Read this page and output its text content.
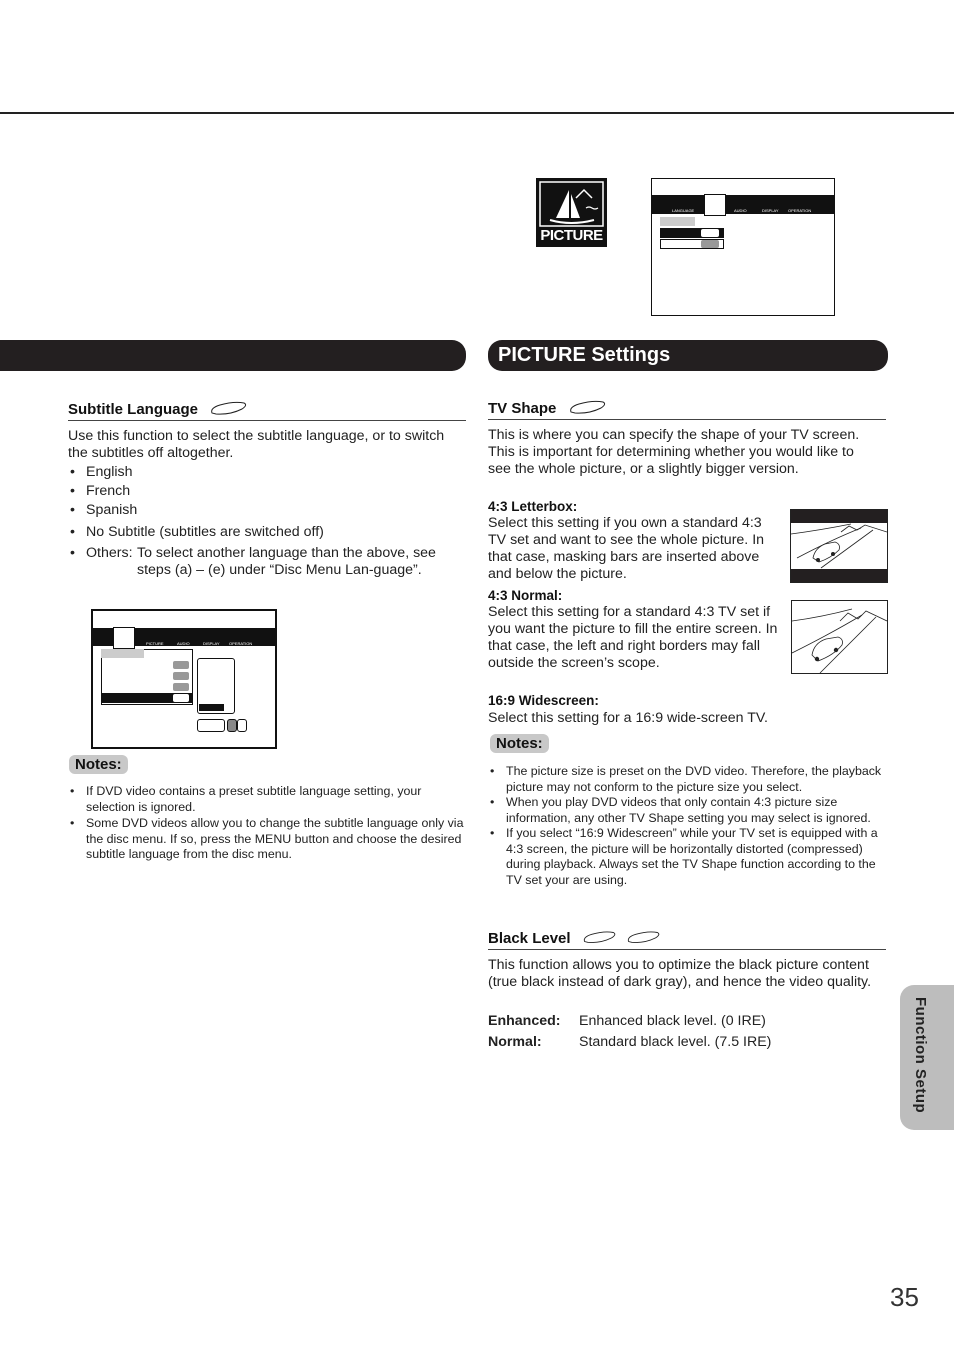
PICTURE
LANGUAGE	AUDIO	DISPLAY OPERATION
PICTURE Settings
Subtitle Language
Use this function to select the subtitle language, or to switch the subtitles off altogether.
• English
• French
• Spanish
• No Subtitle (subtitles are switched off)
• Others: To select another language than the above, see steps (a) – (e) under “Disc Menu Lan-guage”.
PICTURE	AUDIO	DISPLAY OPERATION
Notes:
• If DVD video contains a preset subtitle language setting, your selection is ignored.
• Some DVD videos allow you to change the subtitle language only via the disc menu. If so, press the MENU button and choose the desired subtitle language from the disc menu.
TV Shape
This is where you can specify the shape of your TV screen. This is important for determining whether you would like to see the whole picture, or a slightly bigger version.
4:3 Letterbox:
Select this setting if you own a standard 4:3 TV set and want to see the whole picture. In that case, masking bars are inserted above and below the picture.
4:3 Normal:
Select this setting for a standard 4:3 TV set if you want the picture to fill the entire screen. In that case, the left and right borders may fall outside the screen’s scope.
16:9 Widescreen:
Select this setting for a 16:9 wide-screen TV.
Notes:
• The picture size is preset on the DVD video. Therefore, the playback picture may not conform to the picture size you select.
• When you play DVD videos that only contain 4:3 picture size information, any other TV Shape setting you may select is ignored.
• If you select “16:9 Widescreen” while your TV set is equipped with a 4:3 screen, the picture will be horizontally distorted (compressed) during playback. Always set the TV Shape function according to the TV set your are using.
Black Level
This function allows you to optimize the black picture content (true black instead of dark gray), and hence the video quality.
Enhanced: Enhanced black level. (0 IRE)
Normal:	Standard black level. (7.5 IRE)	Function Setup
35
